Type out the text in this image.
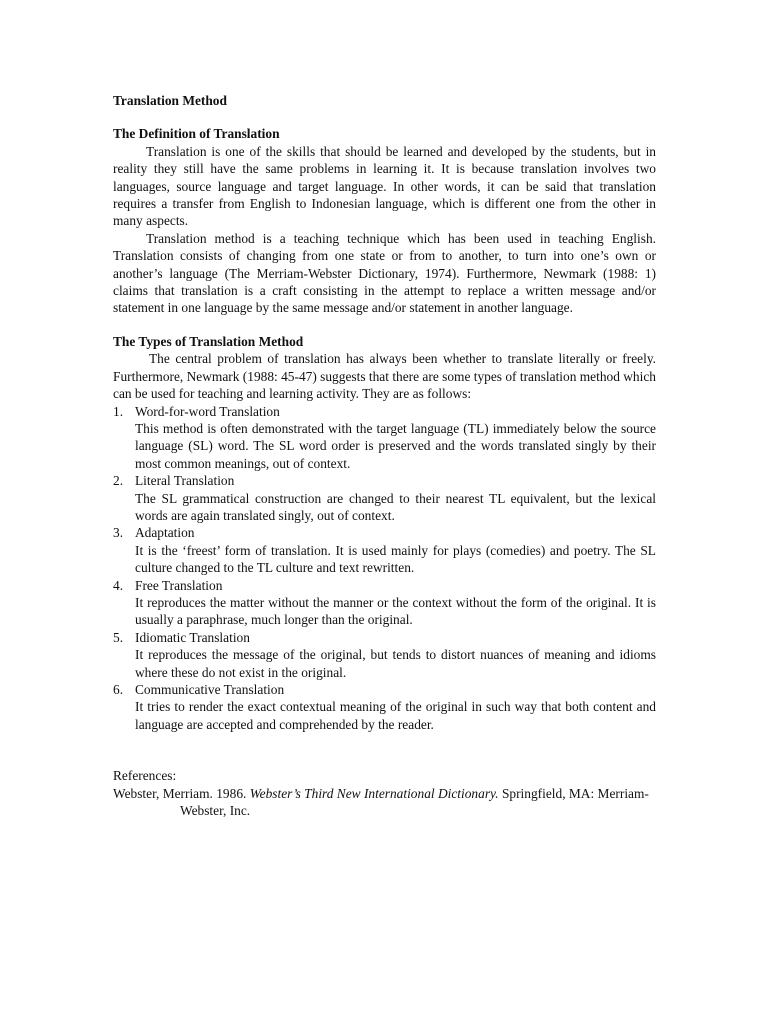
Translation Method
The Definition of Translation

Translation is one of the skills that should be learned and developed by the students, but in reality they still have the same problems in learning it. It is because translation involves two languages, source language and target language. In other words, it can be said that translation requires a transfer from English to Indonesian language, which is different one from the other in many aspects.

Translation method is a teaching technique which has been used in teaching English. Translation consists of changing from one state or from to another, to turn into one’s own or another’s language (The Merriam-Webster Dictionary, 1974). Furthermore, Newmark (1988: 1) claims that translation is a craft consisting in the attempt to replace a written message and/or statement in one language by the same message and/or statement in another language.

The Types of Translation Method

The central problem of translation has always been whether to translate literally or freely. Furthermore, Newmark (1988: 45-47) suggests that there are some types of translation method which can be used for teaching and learning activity. They are as follows:

1. Word-for-word Translation
This method is often demonstrated with the target language (TL) immediately below the source language (SL) word. The SL word order is preserved and the words translated singly by their most common meanings, out of context.
2. Literal Translation
The SL grammatical construction are changed to their nearest TL equivalent, but the lexical words are again translated singly, out of context.
3. Adaptation
It is the ‘freest’ form of translation. It is used mainly for plays (comedies) and poetry. The SL culture changed to the TL culture and text rewritten.
4. Free Translation
It reproduces the matter without the manner or the context without the form of the original. It is usually a paraphrase, much longer than the original.
5. Idiomatic Translation
It reproduces the message of the original, but tends to distort nuances of meaning and idioms where these do not exist in the original.
6. Communicative Translation
It tries to render the exact contextual meaning of the original in such way that both content and language are accepted and comprehended by the reader.
References:
Webster, Merriam. 1986. Webster’s Third New International Dictionary. Springfield, MA: Merriam-Webster, Inc.
